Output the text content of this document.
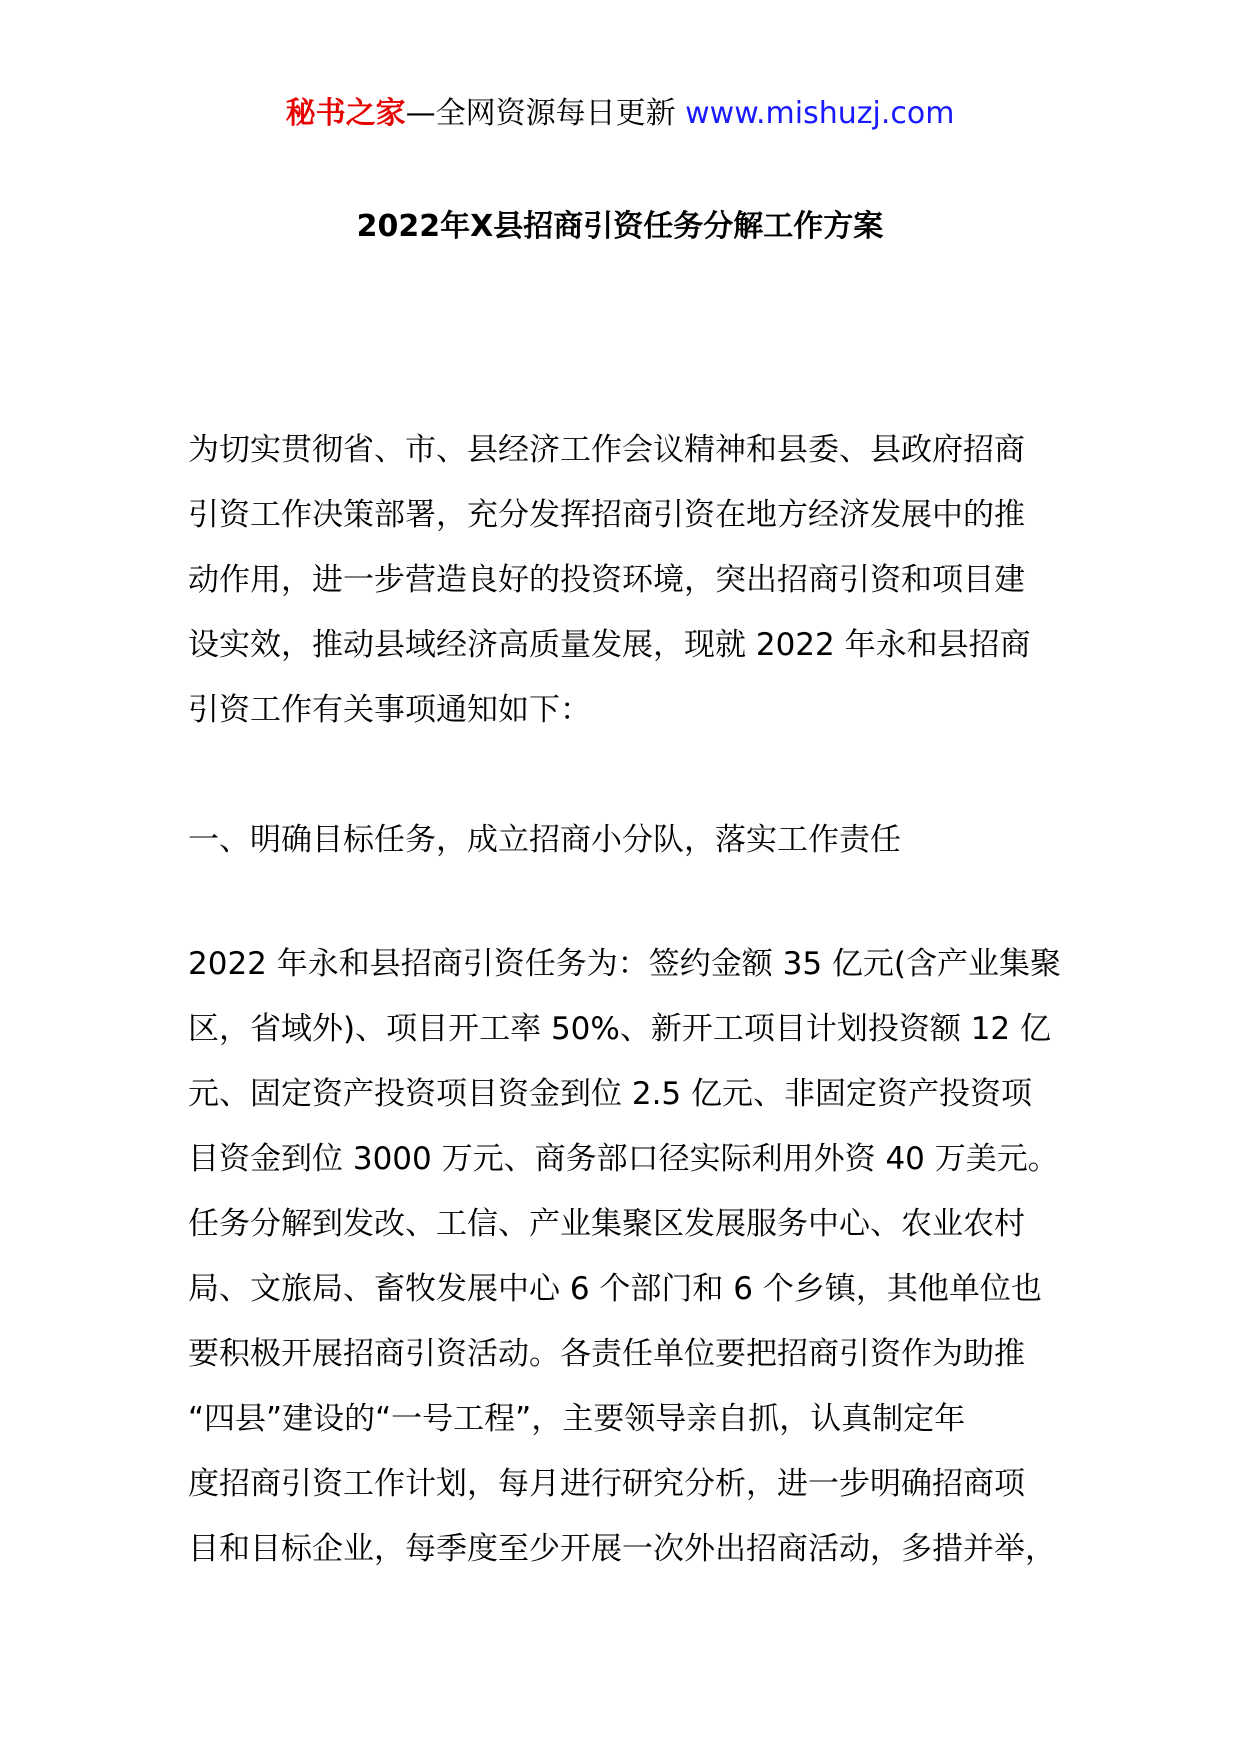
秘书之家—全网资源每日更新 www.mishuzj.com
2022年X县招商引资任务分解工作方案
为切实贯彻省、市、县经济工作会议精神和县委、县政府招商
引资工作决策部署，充分发挥招商引资在地方经济发展中的推
动作用，进一步营造良好的投资环境，突出招商引资和项目建
设实效，推动县域经济高质量发展，现就 2022 年永和县招商
引资工作有关事项通知如下：
一、明确目标任务，成立招商小分队，落实工作责任
2022 年永和县招商引资任务为：签约金额 35 亿元(含产业集聚
区，省域外)、项目开工率 50%、新开工项目计划投资额 12 亿
元、固定资产投资项目资金到位 2.5 亿元、非固定资产投资项
目资金到位 3000 万元、商务部口径实际利用外资 40 万美元。
任务分解到发改、工信、产业集聚区发展服务中心、农业农村
局、文旅局、畜牧发展中心 6 个部门和 6 个乡镇，其他单位也
要积极开展招商引资活动。各责任单位要把招商引资作为助推
“四县”建设的“一号工程”，主要领导亲自抓，认真制定年
度招商引资工作计划，每月进行研究分析，进一步明确招商项
目和目标企业，每季度至少开展一次外出招商活动，多措并举，
